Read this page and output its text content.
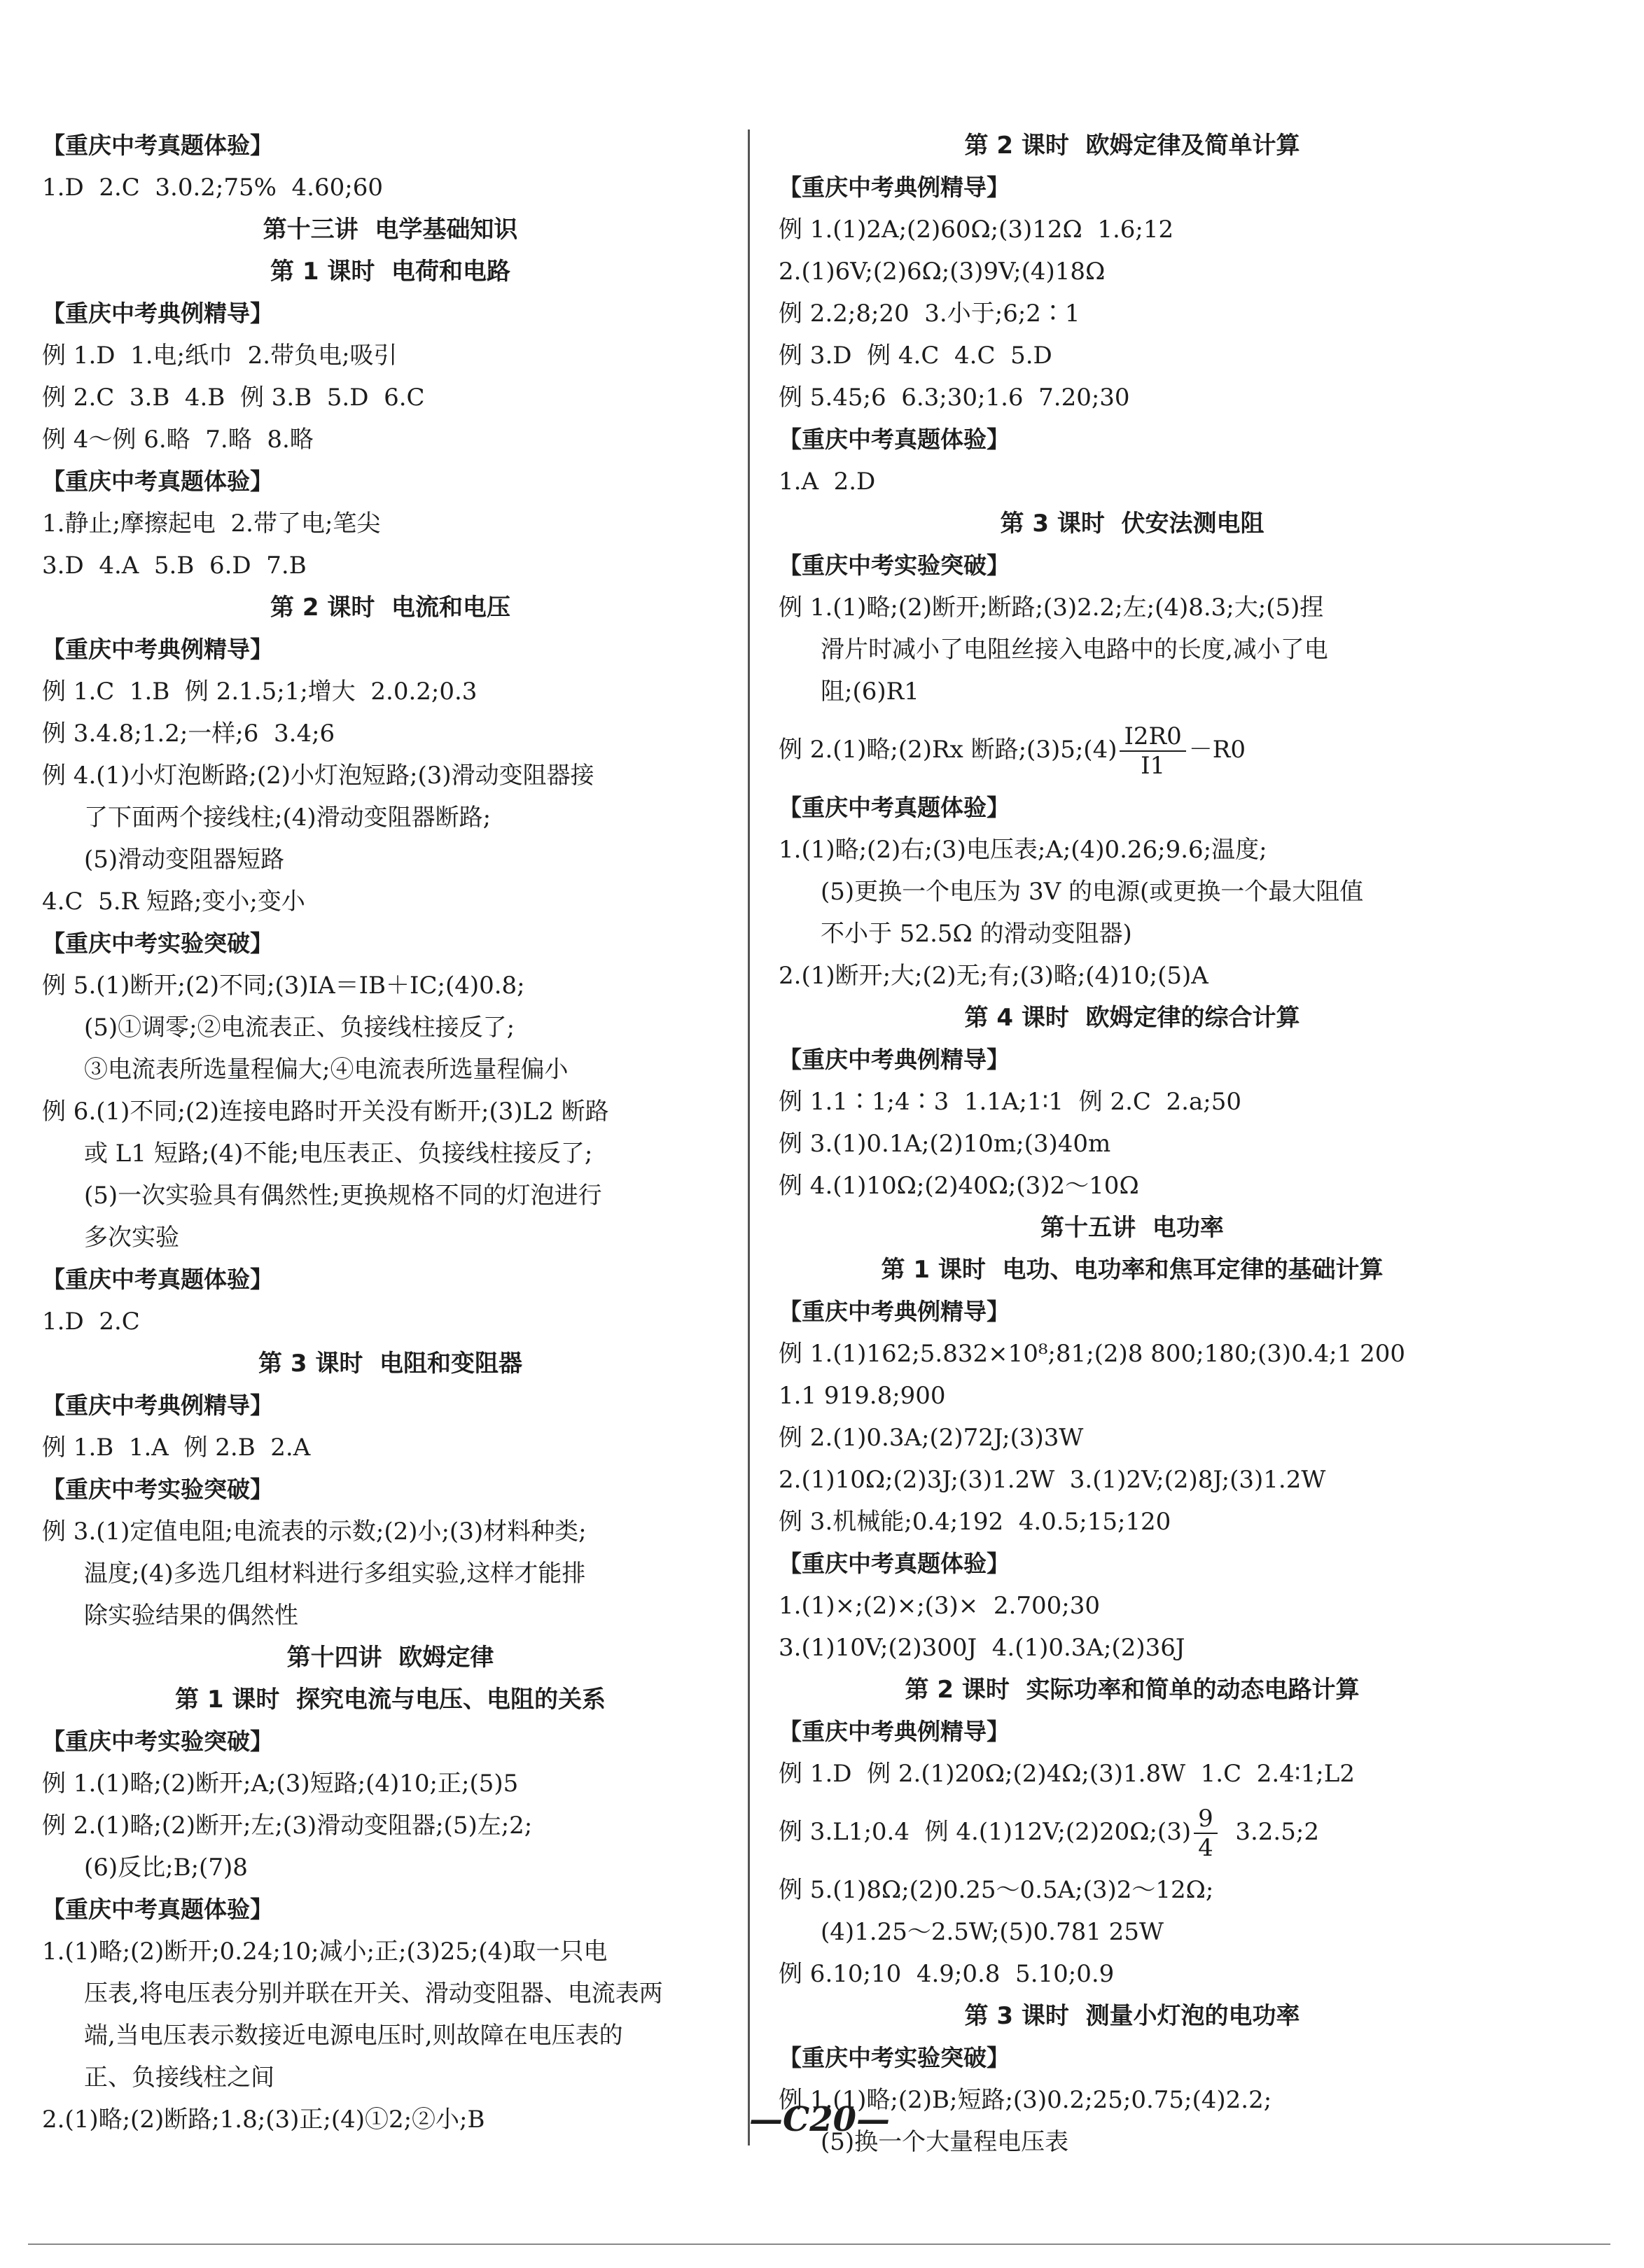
【重庆中考真题体验】
1.D  2.C  3.0.2;75%  4.60;60
第十三讲  电学基础知识
第 1 课时  电荷和电路
【重庆中考典例精导】
例 1.D  1.电;纸巾  2.带负电;吸引
例 2.C  3.B  4.B  例 3.B  5.D  6.C
例 4～例 6.略  7.略  8.略
【重庆中考真题体验】
1.静止;摩擦起电  2.带了电;笔尖
3.D  4.A  5.B  6.D  7.B
第 2 课时  电流和电压
【重庆中考典例精导】
例 1.C  1.B  例 2.1.5;1;增大  2.0.2;0.3
例 3.4.8;1.2;一样;6  3.4;6
例 4.(1)小灯泡断路;(2)小灯泡短路;(3)滑动变阻器接
了下面两个接线柱;(4)滑动变阻器断路;
(5)滑动变阻器短路
4.C  5.R 短路;变小;变小
【重庆中考实验突破】
例 5.(1)断开;(2)不同;(3)IA＝IB＋IC;(4)0.8;
(5)①调零;②电流表正、负接线柱接反了;
③电流表所选量程偏大;④电流表所选量程偏小
例 6.(1)不同;(2)连接电路时开关没有断开;(3)L2 断路
或 L1 短路;(4)不能;电压表正、负接线柱接反了;
(5)一次实验具有偶然性;更换规格不同的灯泡进行
多次实验
【重庆中考真题体验】
1.D  2.C
第 3 课时  电阻和变阻器
【重庆中考典例精导】
例 1.B  1.A  例 2.B  2.A
【重庆中考实验突破】
例 3.(1)定值电阻;电流表的示数;(2)小;(3)材料种类;
温度;(4)多选几组材料进行多组实验,这样才能排
除实验结果的偶然性
第十四讲  欧姆定律
第 1 课时  探究电流与电压、电阻的关系
【重庆中考实验突破】
例 1.(1)略;(2)断开;A;(3)短路;(4)10;正;(5)5
例 2.(1)略;(2)断开;左;(3)滑动变阻器;(5)左;2;
(6)反比;B;(7)8
【重庆中考真题体验】
1.(1)略;(2)断开;0.24;10;减小;正;(3)25;(4)取一只电
压表,将电压表分别并联在开关、滑动变阻器、电流表两
端,当电压表示数接近电源电压时,则故障在电压表的
正、负接线柱之间
2.(1)略;(2)断路;1.8;(3)正;(4)①2;②小;B
第 2 课时  欧姆定律及简单计算
【重庆中考典例精导】
例 1.(1)2A;(2)60Ω;(3)12Ω  1.6;12
2.(1)6V;(2)6Ω;(3)9V;(4)18Ω
例 2.2;8;20  3.小于;6;2∶1
例 3.D  例 4.C  4.C  5.D
例 5.45;6  6.3;30;1.6  7.20;30
【重庆中考真题体验】
1.A  2.D
第 3 课时  伏安法测电阻
【重庆中考实验突破】
例 1.(1)略;(2)断开;断路;(3)2.2;左;(4)8.3;大;(5)捏
滑片时减小了电阻丝接入电路中的长度,减小了电
阻;(6)R1
例 2.(1)略;(2)Rx 断路;(3)5;(4) $\frac{I2R0}{I1} -R0$
【重庆中考真题体验】
1.(1)略;(2)右;(3)电压表;A;(4)0.26;9.6;温度;
(5)更换一个电压为 3V 的电源(或更换一个最大阻值
不小于 52.5Ω 的滑动变阻器)
2.(1)断开;大;(2)无;有;(3)略;(4)10;(5)A
第 4 课时  欧姆定律的综合计算
【重庆中考典例精导】
例 1.1∶1;4∶3  1.1A;1∶1  例 2.C  2.a;50
例 3.(1)0.1A;(2)10m;(3)40m
例 4.(1)10Ω;(2)40Ω;(3)2～10Ω
第十五讲  电功率
第 1 课时  电功、电功率和焦耳定律的基础计算
【重庆中考典例精导】
例 1.(1)162;5.832×10⁸;81;(2)8 800;180;(3)0.4;1 200
1.1 919.8;900
例 2.(1)0.3A;(2)72J;(3)3W
2.(1)10Ω;(2)3J;(3)1.2W  3.(1)2V;(2)8J;(3)1.2W
例 3.机械能;0.4;192  4.0.5;15;120
【重庆中考真题体验】
1.(1)×;(2)×;(3)×  2.700;30
3.(1)10V;(2)300J  4.(1)0.3A;(2)36J
第 2 课时  实际功率和简单的动态电路计算
【重庆中考典例精导】
例 1.D  例 2.(1)20Ω;(2)4Ω;(3)1.8W  1.C  2.4∶1;L2
例 3.L1;0.4  例 4.(1)12V;(2)20Ω;(3) $\frac{9}{4}$ 3.2.5;2
例 5.(1)8Ω;(2)0.25～0.5A;(3)2～12Ω;
(4)1.25～2.5W;(5)0.781 25W
例 6.10;10  4.9;0.8  5.10;0.9
第 3 课时  测量小灯泡的电功率
【重庆中考实验突破】
例 1.(1)略;(2)B;短路;(3)0.2;25;0.75;(4)2.2;
(5)换一个大量程电压表
—C20—
